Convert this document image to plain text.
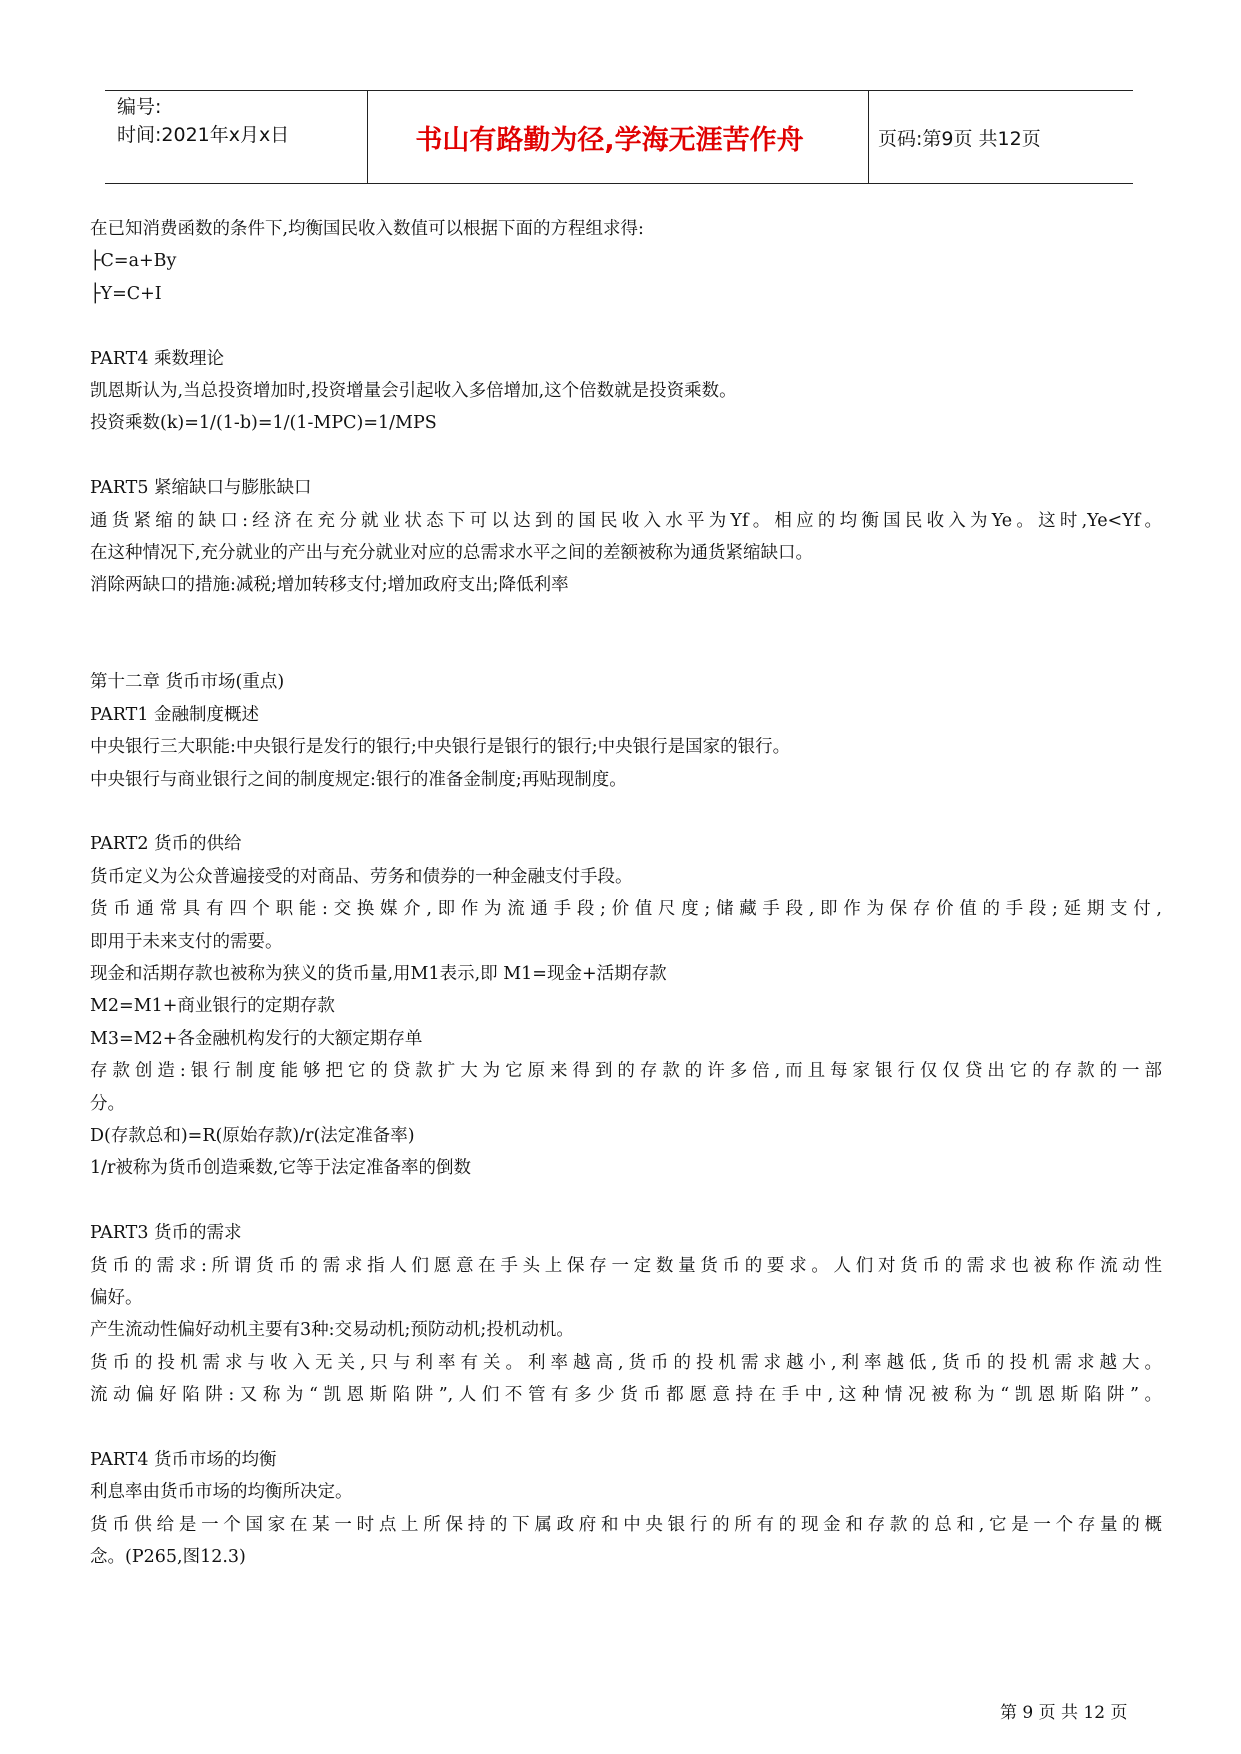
编号:
时间:2021年x月x日	书山有路勤为径,学海无涯苦作舟	页码:第9页 共12页
在已知消费函数的条件下,均衡国民收入数值可以根据下面的方程组求得:
├C=a+By
├Y=C+I
PART4 乘数理论
凯恩斯认为,当总投资增加时,投资增量会引起收入多倍增加,这个倍数就是投资乘数。
投资乘数(k)=1/(1-b)=1/(1-MPC)=1/MPS
PART5 紧缩缺口与膨胀缺口
通货紧缩的缺口:经济在充分就业状态下可以达到的国民收入水平为Yf。相应的均衡国民收入为Ye。这时,Ye<Yf。
在这种情况下,充分就业的产出与充分就业对应的总需求水平之间的差额被称为通货紧缩缺口。
消除两缺口的措施:减税;增加转移支付;增加政府支出;降低利率
第十二章 货币市场(重点)
PART1 金融制度概述
中央银行三大职能:中央银行是发行的银行;中央银行是银行的银行;中央银行是国家的银行。
中央银行与商业银行之间的制度规定:银行的准备金制度;再贴现制度。
PART2 货币的供给
货币定义为公众普遍接受的对商品、劳务和债券的一种金融支付手段。
货币通常具有四个职能:交换媒介,即作为流通手段;价值尺度;储藏手段,即作为保存价值的手段;延期支付,
即用于未来支付的需要。
现金和活期存款也被称为狭义的货币量,用M1表示,即 M1=现金+活期存款
M2=M1+商业银行的定期存款
M3=M2+各金融机构发行的大额定期存单
存款创造:银行制度能够把它的贷款扩大为它原来得到的存款的许多倍,而且每家银行仅仅贷出它的存款的一部
分。
D(存款总和)=R(原始存款)/r(法定准备率)
1/r被称为货币创造乘数,它等于法定准备率的倒数
PART3 货币的需求
货币的需求:所谓货币的需求指人们愿意在手头上保存一定数量货币的要求。人们对货币的需求也被称作流动性
偏好。
产生流动性偏好动机主要有3种:交易动机;预防动机;投机动机。
货币的投机需求与收入无关,只与利率有关。利率越高,货币的投机需求越小,利率越低,货币的投机需求越大。
流动偏好陷阱:又称为“凯恩斯陷阱”,人们不管有多少货币都愿意持在手中,这种情况被称为“凯恩斯陷阱”。
PART4 货币市场的均衡
利息率由货币市场的均衡所决定。
货币供给是一个国家在某一时点上所保持的下属政府和中央银行的所有的现金和存款的总和,它是一个存量的概
念。(P265,图12.3)
第 9 页 共 12 页
